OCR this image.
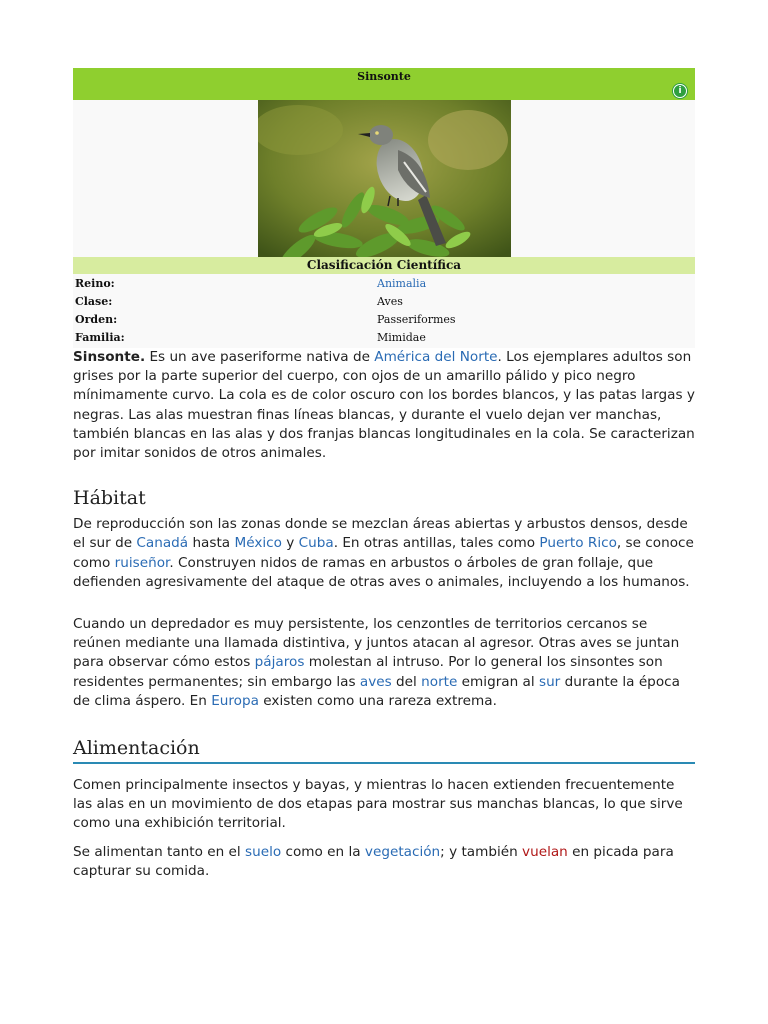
Sinsonte
i
Clasificación Científica
Reino:	Animalia
Clase:	Aves
Orden:	Passeriformes
Familia:	Mimidae

Sinsonte. Es un ave paseriforme nativa de América del Norte. Los ejemplares adultos son grises por la parte superior del cuerpo, con ojos de un amarillo pálido y pico negro mínimamente curvo. La cola es de color oscuro con los bordes blancos, y las patas largas y negras. Las alas muestran finas líneas blancas, y durante el vuelo dejan ver manchas, también blancas en las alas y dos franjas blancas longitudinales en la cola. Se caracterizan por imitar sonidos de otros animales.

Hábitat

De reproducción son las zonas donde se mezclan áreas abiertas y arbustos densos, desde el sur de Canadá hasta México y Cuba. En otras antillas, tales como Puerto Rico, se conoce como ruiseñor. Construyen nidos de ramas en arbustos o árboles de gran follaje, que defienden agresivamente del ataque de otras aves o animales, incluyendo a los humanos.

Cuando un depredador es muy persistente, los cenzontles de territorios cercanos se reúnen mediante una llamada distintiva, y juntos atacan al agresor. Otras aves se juntan para observar cómo estos pájaros molestan al intruso. Por lo general los sinsontes son residentes permanentes; sin embargo las aves del norte emigran al sur durante la época de clima áspero. En Europa existen como una rareza extrema.

Alimentación

Comen principalmente insectos y bayas, y mientras lo hacen extienden frecuentemente las alas en un movimiento de dos etapas para mostrar sus manchas blancas, lo que sirve como una exhibición territorial.

Se alimentan tanto en el suelo como en la vegetación; y también vuelan en picada para capturar su comida.
